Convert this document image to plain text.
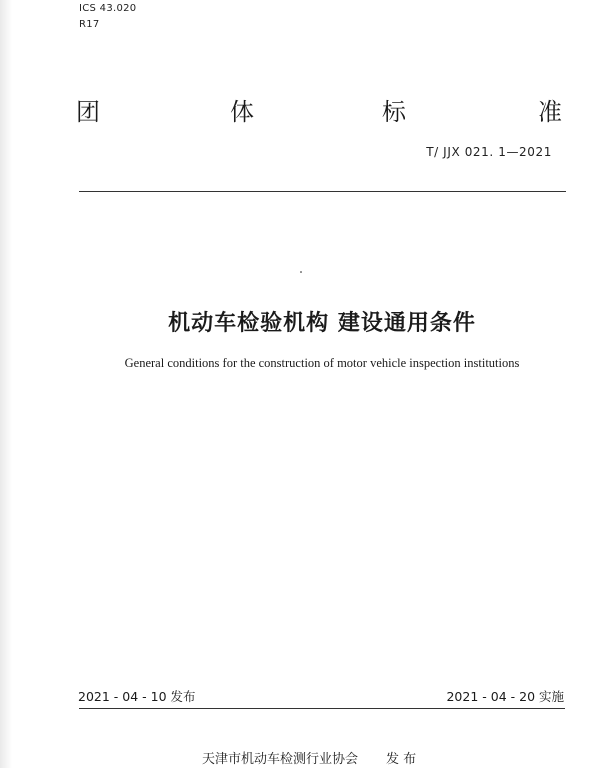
ICS 43.020
R17
团	体	标	准
T/ JJX 021. 1—2021
机动车检验机构 建设通用条件
General conditions for the construction of motor vehicle inspection institutions
2021 - 04 - 10 发布	2021 - 04 - 20 实施
天津市机动车检测行业协会 发 布
